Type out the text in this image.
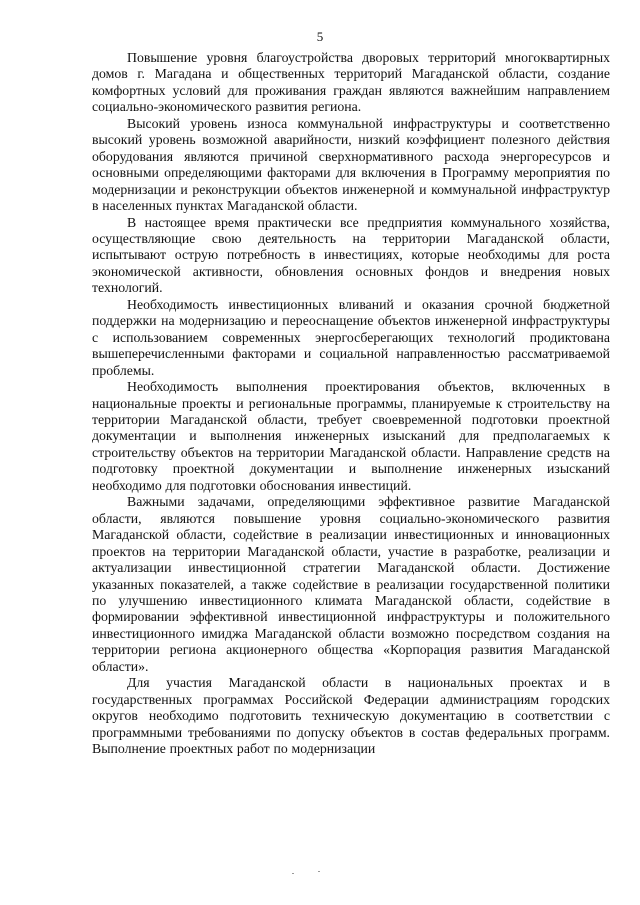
5

Повышение уровня благоустройства дворовых территорий многоквартирных домов г. Магадана и общественных территорий Магаданской области, создание комфортных условий для проживания граждан являются важнейшим направлением социально-экономического развития региона.

Высокий уровень износа коммунальной инфраструктуры и соответственно высокий уровень возможной аварийности, низкий коэффициент полезного действия оборудования являются причиной сверхнормативного расхода энергоресурсов и основными определяющими факторами для включения в Программу мероприятия по модернизации и реконструкции объектов инженерной и коммунальной инфраструктур в населенных пунктах Магаданской области.

В настоящее время практически все предприятия коммунального хозяйства, осуществляющие свою деятельность на территории Магаданской области, испытывают острую потребность в инвестициях, которые необходимы для роста экономической активности, обновления основных фондов и внедрения новых технологий.

Необходимость инвестиционных вливаний и оказания срочной бюджетной поддержки на модернизацию и переоснащение объектов инженерной инфраструктуры с использованием современных энергосберегающих технологий продиктована вышеперечисленными факторами и социальной направленностью рассматриваемой проблемы.

Необходимость выполнения проектирования объектов, включенных в национальные проекты и региональные программы, планируемые к строительству на территории Магаданской области, требует своевременной подготовки проектной документации и выполнения инженерных изысканий для предполагаемых к строительству объектов на территории Магаданской области. Направление средств на подготовку проектной документации и выполнение инженерных изысканий необходимо для подготовки обоснования инвестиций.

Важными задачами, определяющими эффективное развитие Магаданской области, являются повышение уровня социально-экономического развития Магаданской области, содействие в реализации инвестиционных и инновационных проектов на территории Магаданской области, участие в разработке, реализации и актуализации инвестиционной стратегии Магаданской области. Достижение указанных показателей, а также содействие в реализации государственной политики по улучшению инвестиционного климата Магаданской области, содействие в формировании эффективной инвестиционной инфраструктуры и положительного инвестиционного имиджа Магаданской области возможно посредством создания на территории региона акционерного общества «Корпорация развития Магаданской области».

Для участия Магаданской области в национальных проектах и в государственных программах Российской Федерации администрациям городских округов необходимо подготовить техническую документацию в соответствии с программными требованиями по допуску объектов в состав федеральных программ. Выполнение проектных работ по модернизации
